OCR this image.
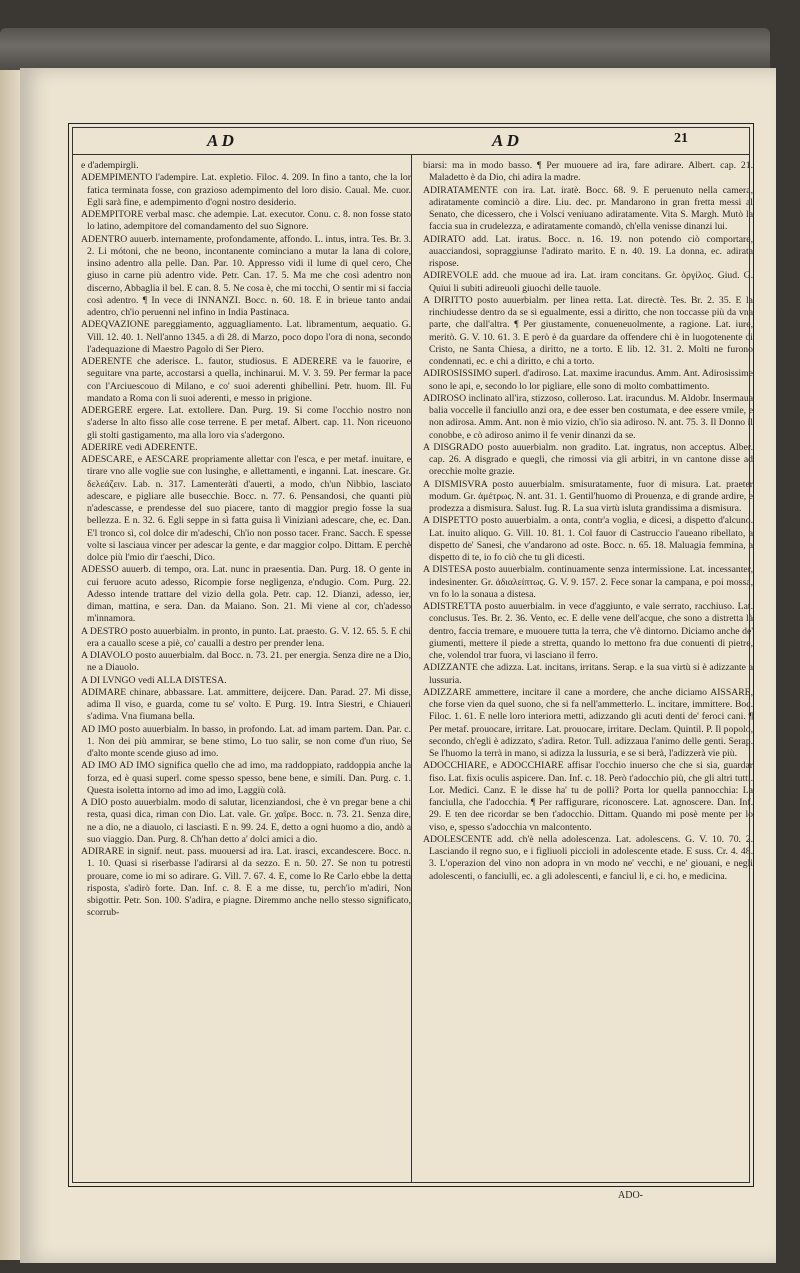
A D	A D	21

e d'adempirgli.

ADEMPIMENTO l'adempire. Lat. expletio. Filoc. 4. 209. In fino a tanto, che la lor fatica terminata fosse, con grazioso adempimento del loro disio. Caual. Me. cuor. Egli sarà fine, e adempimento d'ogni nostro desiderio.

ADEMPITORE verbal masc. che adempie. Lat. executor. Conu. c. 8. non fosse stato lo latino, adempitore del comandamento del suo Signore.

ADENTRO auuerb. internamente, profondamente, affondo. L. intus, intra. Tes. Br. 3. 2. Li mótoni, che ne beono, incontanente cominciano a mutar la lana di colore, insino adentro alla pelle. Dan. Par. 10. Appresso vidi il lume di quel cero, Che giuso in carne più adentro vide. Petr. Can. 17. 5. Ma me che così adentro non discerno, Abbaglia il bel. E can. 8. 5. Ne cosa è, che mi tocchi, O sentir mi si faccia così adentro. ¶ In vece di INNANZI. Bocc. n. 60. 18. E in brieue tanto andai adentro, ch'io peruenni nel infino in India Pastinaca.

ADEQVAZIONE pareggiamento, agguagliamento. Lat. libramentum, aequatio. G. Vill. 12. 40. 1. Nell'anno 1345. a dì 28. di Marzo, poco dopo l'ora di nona, secondo l'adequazione di Maestro Pagolo di Ser Piero.

ADERENTE che aderisce. L. fautor, studiosus. E ADERERE va le fauorire, e seguitare vna parte, accostarsi a quella, inchinarui. M. V. 3. 59. Per fermar la pace con l'Arciuescouo di Milano, e co' suoi aderenti ghibellini. Petr. huom. Ill. Fu mandato a Roma con li suoi aderenti, e messo in prigione.

ADERGERE ergere. Lat. extollere. Dan. Purg. 19. Si come l'occhio nostro non s'aderse In alto fisso alle cose terrene. E per metaf. Albert. cap. 11. Non riceuono gli stolti gastigamento, ma alla loro via s'adergono.

ADERIRE vedi ADERENTE.

ADESCARE, e AESCARE propriamente allettar con l'esca, e per metaf. inuitare, e tirare vno alle voglie sue con lusinghe, e allettamenti, e inganni. Lat. inescare. Gr. δελεάζειν. Lab. n. 317. Lamenteràti d'auerti, a modo, ch'un Nibbio, lasciato adescare, e pigliare alle busecchie. Bocc. n. 77. 6. Pensandosi, che quanti più n'adescasse, e prendesse del suo piacere, tanto di maggior pregio fosse la sua bellezza. E n. 32. 6. Egli seppe in sì fatta guisa lì Vinizianì adescare, che, ec. Dan. E'l tronco sì, col dolce dir m'adeschi, Ch'io non posso tacer. Franc. Sacch. E spesse volte si lasciaua vincer per adescar la gente, e dar maggior colpo. Dittam. E perchè dolce più l'mio dir t'aeschi, Dico.

ADESSO auuerb. di tempo, ora. Lat. nunc in praesentia. Dan. Purg. 18. O gente in cui feruore acuto adesso, Ricompie forse negligenza, e'ndugio. Com. Purg. 22. Adesso intende trattare del vizio della gola. Petr. cap. 12. Dianzi, adesso, ier, diman, mattina, e sera. Dan. da Maiano. Son. 21. Mi viene al cor, ch'adesso m'innamora.

A DESTRO posto auuerbialm. in pronto, in punto. Lat. praesto. G. V. 12. 65. 5. E chi era a cauallo scese a piè, co' caualli a destro per prender lena.

A DIAVOLO posto auuerbialm. dal Bocc. n. 73. 21. per energia. Senza dire ne a Dio, ne a Diauolo.

A DI LVNGO vedi ALLA DISTESA.

ADIMARE chinare, abbassare. Lat. ammittere, deijcere. Dan. Parad. 27. Mi disse, adima Il viso, e guarda, come tu se' volto. E Purg. 19. Intra Siestri, e Chiaueri s'adima. Vna fiumana bella.

AD IMO posto auuerbialm. In basso, in profondo. Lat. ad imam partem. Dan. Par. c. 1. Non dei più ammirar, se bene stimo, Lo tuo salir, se non come d'un riuo, Se d'alto monte scende giuso ad imo.

AD IMO AD IMO significa quello che ad imo, ma raddoppiato, raddoppia anche la forza, ed è quasi superl. come spesso spesso, bene bene, e simili. Dan. Purg. c. 1. Questa isoletta intorno ad imo ad imo, Laggiù colà.

A DIO posto auuerbialm. modo di salutar, licenziandosi, che è vn pregar bene a chi resta, quasi dica, riman con Dio. Lat. vale. Gr. χαῖρε. Bocc. n. 73. 21. Senza dire, ne a dio, ne a diauolo, ci lasciasti. E n. 99. 24. E, detto a ogni huomo a dio, andò a suo viaggio. Dan. Purg. 8. Ch'han detto a' dolci amici a dio.

ADIRARE in signif. neut. pass. muouersi ad ira. Lat. irasci, excandescere. Bocc. n. 1. 10. Quasi si riserbasse l'adirarsi al da sezzo. E n. 50. 27. Se non tu potresti prouare, come io mi so adirare. G. Vill. 7. 67. 4. E, come lo Re Carlo ebbe la detta risposta, s'adirò forte. Dan. Inf. c. 8. E a me disse, tu, perch'io m'adiri, Non sbigottir. Petr. Son. 100. S'adira, e piagne. Diremmo anche nello stesso significato, scorrub-

biarsi: ma in modo basso. ¶ Per muouere ad ira, fare adirare. Albert. cap. 21. Maladetto è da Dio, chi adira la madre.

ADIRATAMENTE con ira. Lat. iratè. Bocc. 68. 9. E peruenuto nella camera, adiratamente cominciò a dire. Liu. dec. pr. Mandarono in gran fretta messi al Senato, che dicessero, che i Volsci veniuano adiratamente. Vita S. Margh. Mutò la faccia sua in crudelezza, e adiratamente comandò, ch'ella venisse dinanzi lui.

ADIRATO add. Lat. iratus. Bocc. n. 16. 19. non potendo ciò comportare, auacciandosi, sopraggiunse l'adirato marito. E n. 40. 19. La donna, ec. adirata rispose.

ADIREVOLE add. che muoue ad ira. Lat. iram concitans. Gr. ὀργίλος. Giud. G. Quiui li subiti adireuoli giuochi delle tauole.

A DIRITTO posto auuerbialm. per linea retta. Lat. directè. Tes. Br. 2. 35. E la rinchiudesse dentro da se sì egualmente, essi a diritto, che non toccasse più da vna parte, che dall'altra. ¶ Per giustamente, conueneuolmente, a ragione. Lat. iure, meritò. G. V. 10. 61. 3. E però è da guardare da offendere chi è in luogotenente di Cristo, ne Santa Chiesa, a diritto, ne a torto. E lib. 12. 31. 2. Molti ne furono condennati, ec. e chi a diritto, e chi a torto.

ADIROSISSIMO superl. d'adiroso. Lat. maxime iracundus. Amm. Ant. Adirosissime sono le api, e, secondo lo lor pigliare, elle sono di molto combattimento.

ADIROSO inclinato all'ira, stizzoso, colleroso. Lat. iracundus. M. Aldobr. Insermaua balia voccelle il fanciullo anzi ora, e dee esser ben costumata, e dee essere vmile, e non adirosa. Amm. Ant. non è mio vizio, ch'io sia adiroso. N. ant. 75. 3. Il Donno il conobbe, e cò adiroso animo il fe venir dinanzi da se.

A DISGRADO posto auuerbialm. non gradito. Lat. ingratus, non acceptus. Alber. cap. 26. A disgrado e quegli, che rimossi via gli arbitri, in vn cantone disse ad orecchie molte grazie.

A DISMISVRA posto auuerbialm. smisuratamente, fuor di misura. Lat. praeter modum. Gr. ἀμέτρως. N. ant. 31. 1. Gentil'huomo di Prouenza, e di grande ardire, e prodezza a dismisura. Salust. Iug. R. La sua virtù isluta grandissima a dismisura.

A DISPETTO posto auuerbialm. a onta, contr'a voglia, e dicesi, a dispetto d'alcuno. Lat. inuito aliquo. G. Vill. 10. 81. 1. Col fauor di Castruccio l'aueano ribellato, a dispetto de' Sanesi, che v'andarono ad oste. Bocc. n. 65. 18. Maluagia femmina, a dispetto di te, io fo ciò che tu gli dicesti.

A DISTESA posto auuerbialm. continuamente senza intermissione. Lat. incessanter, indesinenter. Gr. ἀδιαλείπτως. G. V. 9. 157. 2. Fece sonar la campana, e poi mossa, vn fo lo la sonaua a distesa.

ADISTRETTA posto auuerbialm. in vece d'aggiunto, e vale serrato, racchiuso. Lat. conclusus. Tes. Br. 2. 36. Vento, ec. E delle vene dell'acque, che sono a distretta là dentro, faccia tremare, e muouere tutta la terra, che v'è dintorno. Diciamo anche de' giumenti, mettere il piede a stretta, quando lo mettono fra due conuenti di pietre, che, volendol trar fuora, vi lasciano il ferro.

ADIZZANTE che adizza. Lat. incitans, irritans. Serap. e la sua virtù si è adizzante a lussuria.

ADIZZARE ammettere, incitare il cane a mordere, che anche diciamo AISSARE, che forse vien da quel suono, che si fa nell'ammetterlo. L. incitare, immittere. Boc. Filoc. 1. 61. E nelle loro interiora metti, adizzando gli acuti denti de' feroci cani. ¶ Per metaf. prouocare, irritare. Lat. prouocare, irritare. Declam. Quintil. P. Il popolo, secondo, ch'egli è adizzato, s'adira. Retor. Tull. adizzaua l'animo delle genti. Serap. Se l'huomo la terrà in mano, si adizza la lussuria, e se si berà, l'adizzerà vie più.

ADOCCHIARE, e ADOCCHIARE affisar l'occhio inuerso che che si sia, guardar fiso. Lat. fixis oculis aspicere. Dan. Inf. c. 18. Però t'adocchio più, che gli altri tutti. Lor. Medici. Canz. E le disse ha' tu de polli? Porta lor quella pannocchia: La fanciulla, che l'adocchia. ¶ Per raffigurare, riconoscere. Lat. agnoscere. Dan. Inf. 29. E ten dee ricordar se ben t'adocchio. Dittam. Quando mi posè mente per lo viso, e, spesso s'adocchia vn malcontento.

ADOLESCENTE add. ch'è nella adolescenza. Lat. adolescens. G. V. 10. 70. 2. Lasciando il regno suo, e i figliuoli piccioli in adolescente etade. E suss. Cr. 4. 48. 3. L'operazion del vino non adopra in vn modo ne' vecchi, e ne' giouani, e negli adolescenti, o fanciulli, ec. a gli adolescenti, e fanciul li, e ci. ho, e medicina.

ADO-
